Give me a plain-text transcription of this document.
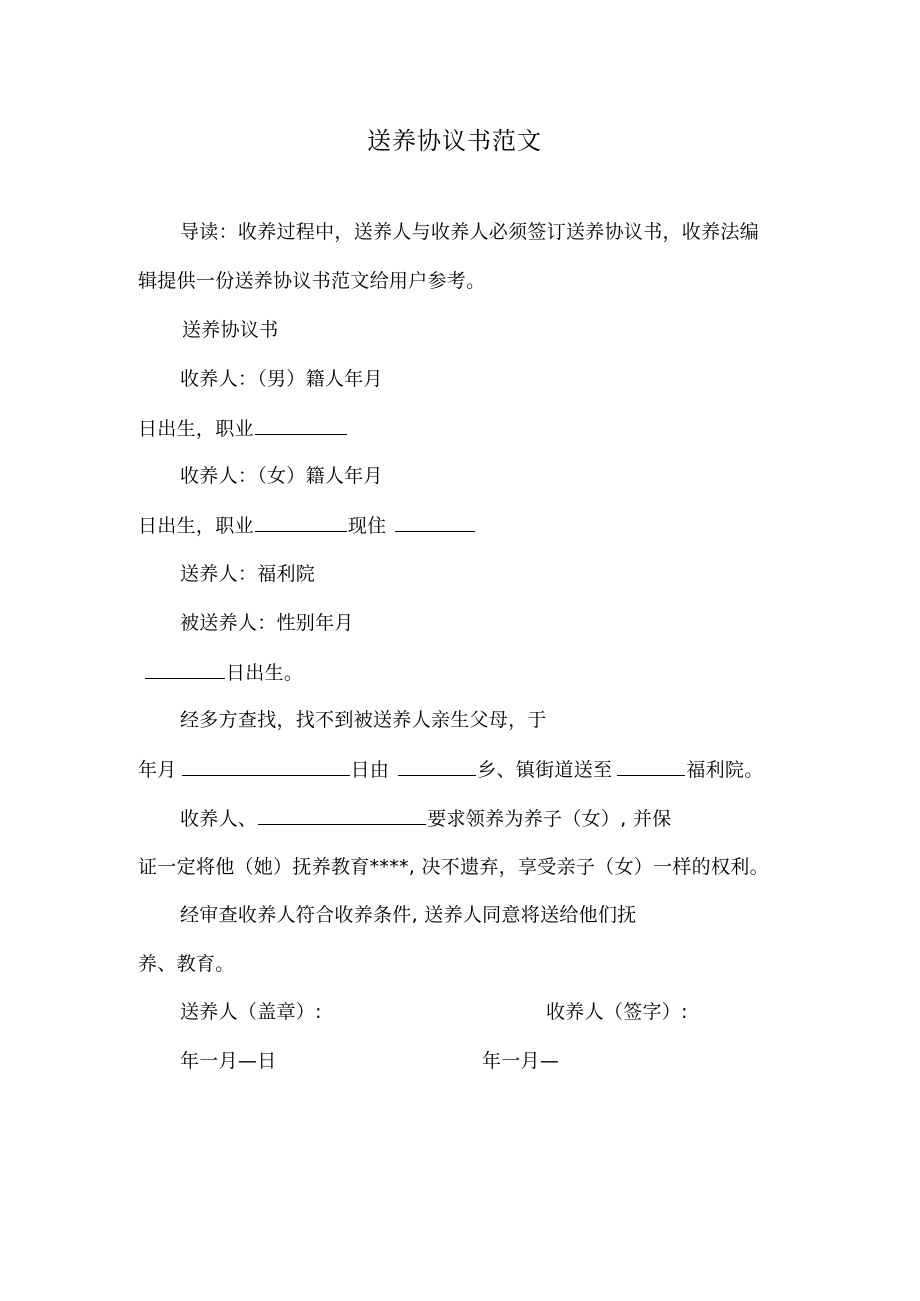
送养协议书范文
导读：收养过程中，送养人与收养人必须签订送养协议书，收养法编
辑提供一份送养协议书范文给用户参考。
送养协议书
收养人：（男）籍人年月
日出生，职业
收养人：（女）籍人年月
日出生，职业	现住
送养人：福利院
被送养人：性别年月
日出生。
经多方查找，找不到被送养人亲生父母，于
年月	日由	乡、镇街道送至	福利院。
收养人、	要求领养为养子（女）, 并保
证一定将他（她）抚养教育****, 决不遗弃，享受亲子（女）一样的权利。
经审查收养人符合收养条件, 送养人同意将送给他们抚
养、教育。
送养人（盖章）:	收养人（签字）:
年一月—日	年一月—
